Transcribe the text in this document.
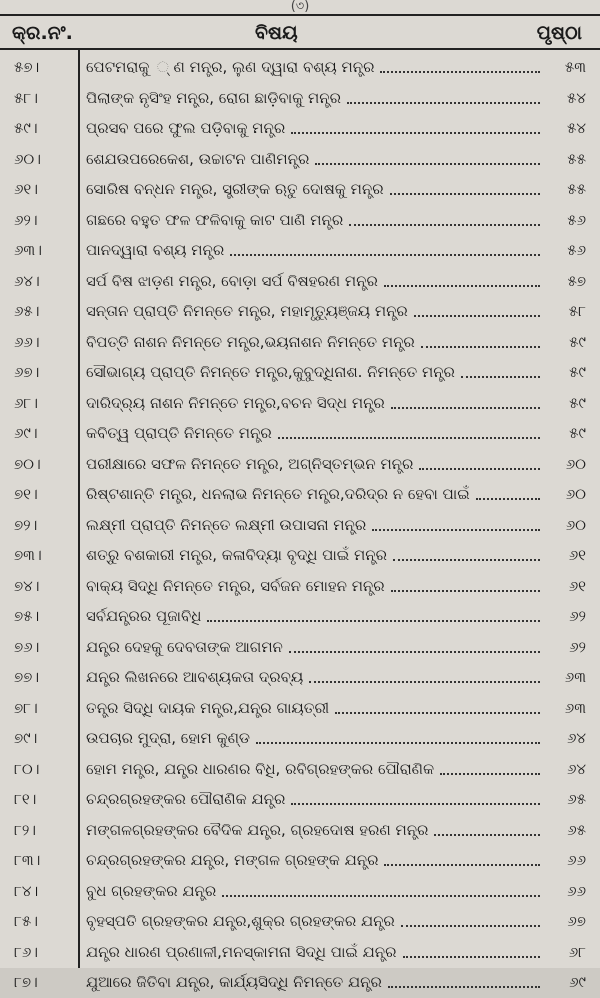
(৩)
କ୍ର.ନଂ.	ବିଷୟ	ପୃଷ୍ଠା
୫୭।	ପେଟମରାକୁ ୍ ଣ ମନ୍ତ୍ର, ଲୁଣ ଦ୍ୱାରା ବଶ୍ୟ ମନ୍ତ୍ର	୫୩
୫୮।	ପିଲାଙ୍କ ନୃସିଂହ ମନ୍ତ୍ର, ରୋଗ ଛାଡ଼ିବାକୁ ମନ୍ତ୍ର	୫୪
୫୯।	ପ୍ରସବ ପରେ ଫୁଲ ପଡ଼ିବାକୁ ମନ୍ତ୍ର	୫୪
୬୦।	ଶେଯଉପରେକେଶ, ଉଚ୍ଚାଟନ ପାଣିମନ୍ତ୍ର	୫୫
୬୧।	ସୋରିଷ ବନ୍ଧନ ମନ୍ତ୍ର, ସ୍ତ୍ରୀଙ୍କ ଋତୁ ଦୋଷକୁ ମନ୍ତ୍ର	୫୫
୬୨।	ଗଛରେ ବହୁତ ଫଳ ଫଳିବାକୁ କାଟ ପାଣି ମନ୍ତ୍ର	୫୬
୬୩।	ପାନଦ୍ୱାରା ବଶ୍ୟ ମନ୍ତ୍ର	୫୬
୬୪।	ସର୍ପ ବିଷ ଝାଡ଼ଣ ମନ୍ତ୍ର, ବୋଡ଼ା ସର୍ପ ବିଷହରଣ ମନ୍ତ୍ର	୫୭
୬୫।	ସନ୍ତାନ ପ୍ରାପ୍ତି ନିମନ୍ତେ ମନ୍ତ୍ର, ମହାମୃତ୍ୟୁଞ୍ଜୟ ମନ୍ତ୍ର	୫୮
୬୬।	ବିପତ୍ତି ନାଶନ ନିମନ୍ତେ ମନ୍ତ୍ର,ଭୟନାଶନ ନିମନ୍ତେ ମନ୍ତ୍ର	୫୯
୬୭।	ସୌଭାଗ୍ୟ ପ୍ରାପ୍ତି ନିମନ୍ତେ ମନ୍ତ୍ର,କୁବୁଦ୍ଧିନାଶ. ନିମନ୍ତେ ମନ୍ତ୍ର	୫୯
୬୮।	ଦାରିଦ୍ର୍ୟ ନାଶନ ନିମନ୍ତେ ମନ୍ତ୍ର,ବଚନ ସିଦ୍ଧ ମନ୍ତ୍ର	୫୯
୬୯।	କବିତ୍ୱ ପ୍ରାପ୍ତି ନିମନ୍ତେ ମନ୍ତ୍ର	୫୯
୭୦।	ପରୀକ୍ଷାରେ ସଫଳ ନିମନ୍ତେ ମନ୍ତ୍ର, ଅଗ୍ନିସ୍ତମ୍ଭନ ମନ୍ତ୍ର	୬୦
୭୧।	ରିଷ୍ଟଶାନ୍ତି ମନ୍ତ୍ର, ଧନଲାଭ ନିମନ୍ତେ ମନ୍ତ୍ର,ଦରିଦ୍ର ନ ହେବା ପାଇଁ	୬୦
୭୨।	ଲକ୍ଷ୍ମୀ ପ୍ରାପ୍ତି ନିମନ୍ତେ ଲକ୍ଷ୍ମୀ ଉପାସନା ମନ୍ତ୍ର	୬୦
୭୩।	ଶତ୍ରୁ ବଶକାରୀ ମନ୍ତ୍ର, କଳାବିଦ୍ୟା ବୃଦ୍ଧି ପାଇଁ ମନ୍ତ୍ର	୬୧
୭୪।	ବାକ୍ୟ ସିଦ୍ଧି ନିମନ୍ତେ ମନ୍ତ୍ର, ସର୍ବଜନ ମୋହନ ମନ୍ତ୍ର	୬୧
୭୫।	ସର୍ବଯନ୍ତ୍ରର ପୂଜାବିଧି	୬୨
୭୬।	ଯନ୍ତ୍ର ଦେହକୁ ଦେବତାଙ୍କ ଆଗମନ	୬୨
୭୭।	ଯନ୍ତ୍ର ଲିଖନରେ ଆବଶ୍ୟକତା ଦ୍ରବ୍ୟ	୬୩
୭୮।	ତନ୍ତ୍ର ସିଦ୍ଧି ଦାୟକ ମନ୍ତ୍ର,ଯନ୍ତ୍ର ଗାୟତ୍ରୀ	୬୩
୭୯।	ଉପଚାର ମୁଦ୍ରା, ହୋମ କୁଣ୍ଡ	୬୪
୮୦।	ହୋମ ମନ୍ତ୍ର, ଯନ୍ତ୍ର ଧାରଣର ବିଧି, ରବିଗ୍ରହଙ୍କର ପୌରାଣିକ	୬୪
୮୧।	ଚନ୍ଦ୍ରଗ୍ରହଙ୍କର ପୌରାଣିକ ଯନ୍ତ୍ର	୬୫
୮୨।	ମଙ୍ଗଳଗ୍ରହଙ୍କର ବୈଦିକ ଯନ୍ତ୍ର, ଗ୍ରହଦୋଷ ହରଣ ମନ୍ତ୍ର	୬୫
୮୩।	ଚନ୍ଦ୍ରଗ୍ରହଙ୍କର ଯନ୍ତ୍ର, ମଙ୍ଗଳ ଗ୍ରହଙ୍କ ଯନ୍ତ୍ର	୬୬
୮୪।	ବୁଧ ଗ୍ରହଙ୍କର ଯନ୍ତ୍ର	୬୬
୮୫।	ବୃହସ୍ପତି ଗ୍ରହଙ୍କର ଯନ୍ତ୍ର,ଶୁକ୍ର ଗ୍ରହଙ୍କର ଯନ୍ତ୍ର	୬୭
୮୬।	ଯନ୍ତ୍ର ଧାରଣ ପ୍ରଣାଳୀ,ମନସ୍କାମନା ସିଦ୍ଧି ପାଇଁ ଯନ୍ତ୍ର	୬୮
୮୭।	ଯୁଆରେ ଜିତିବା ଯନ୍ତ୍ର, କାର୍ଯ୍ୟସିଦ୍ଧି ନିମନ୍ତେ ଯନ୍ତ୍ର	୬୯
